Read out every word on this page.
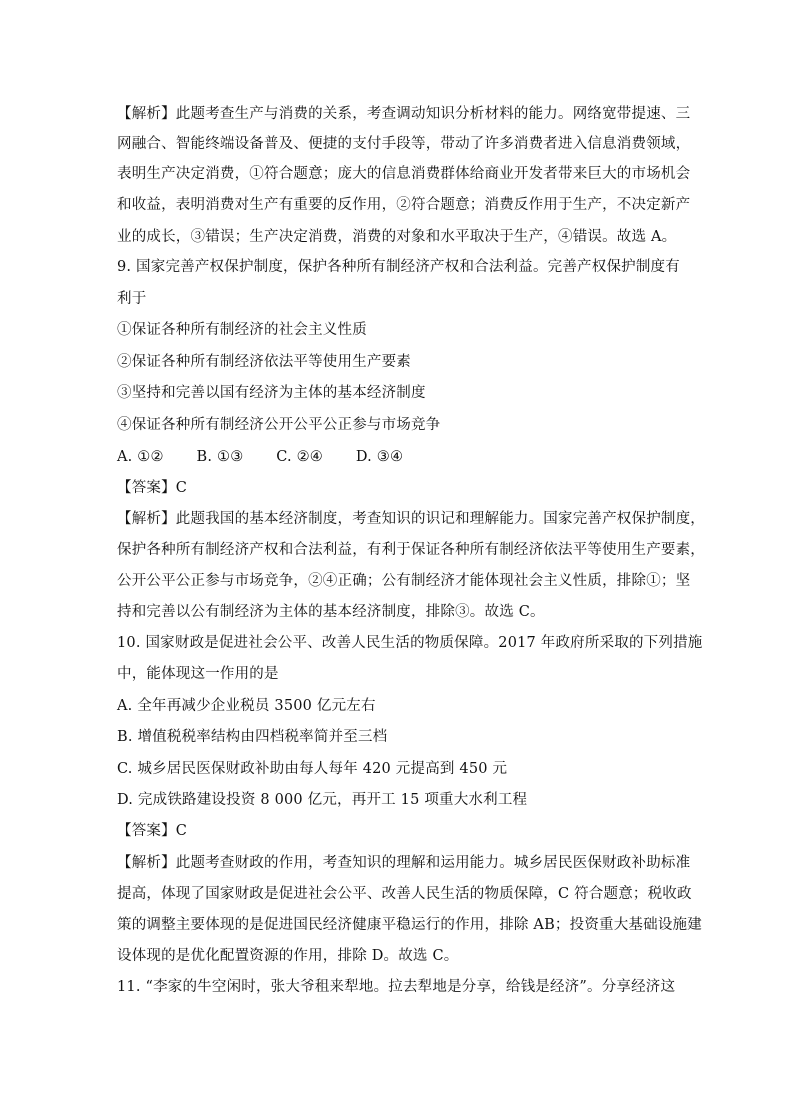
【解析】此题考查生产与消费的关系，考查调动知识分析材料的能力。网络宽带提速、三
网融合、智能终端设备普及、便捷的支付手段等，带动了许多消费者进入信息消费领域，
表明生产决定消费，①符合题意；庞大的信息消费群体给商业开发者带来巨大的市场机会
和收益，表明消费对生产有重要的反作用，②符合题意；消费反作用于生产，不决定新产
业的成长，③错误；生产决定消费，消费的对象和水平取决于生产，④错误。故选 A。
9. 国家完善产权保护制度，保护各种所有制经济产权和合法利益。完善产权保护制度有
利于
①保证各种所有制经济的社会主义性质
②保证各种所有制经济依法平等使用生产要素
③坚持和完善以国有经济为主体的基本经济制度
④保证各种所有制经济公开公平公正参与市场竞争
A. ①② B. ①③ C. ②④ D. ③④
【答案】C
【解析】此题我国的基本经济制度，考查知识的识记和理解能力。国家完善产权保护制度，
保护各种所有制经济产权和合法利益，有利于保证各种所有制经济依法平等使用生产要素，
公开公平公正参与市场竞争，②④正确；公有制经济才能体现社会主义性质，排除①；坚
持和完善以公有制经济为主体的基本经济制度，排除③。故选 C。
10. 国家财政是促进社会公平、改善人民生活的物质保障。2017 年政府所采取的下列措施
中，能体现这一作用的是
A. 全年再减少企业税员 3500 亿元左右
B. 增值税税率结构由四档税率简并至三档
C. 城乡居民医保财政补助由每人每年 420 元提高到 450 元
D. 完成铁路建设投资 8 000 亿元，再开工 15 项重大水利工程
【答案】C
【解析】此题考查财政的作用，考查知识的理解和运用能力。城乡居民医保财政补助标准
提高，体现了国家财政是促进社会公平、改善人民生活的物质保障，C 符合题意；税收政
策的调整主要体现的是促进国民经济健康平稳运行的作用，排除 AB；投资重大基础设施建
设体现的是优化配置资源的作用，排除 D。故选 C。
11. “李家的牛空闲时，张大爷租来犁地。拉去犁地是分享，给钱是经济”。分享经济这
